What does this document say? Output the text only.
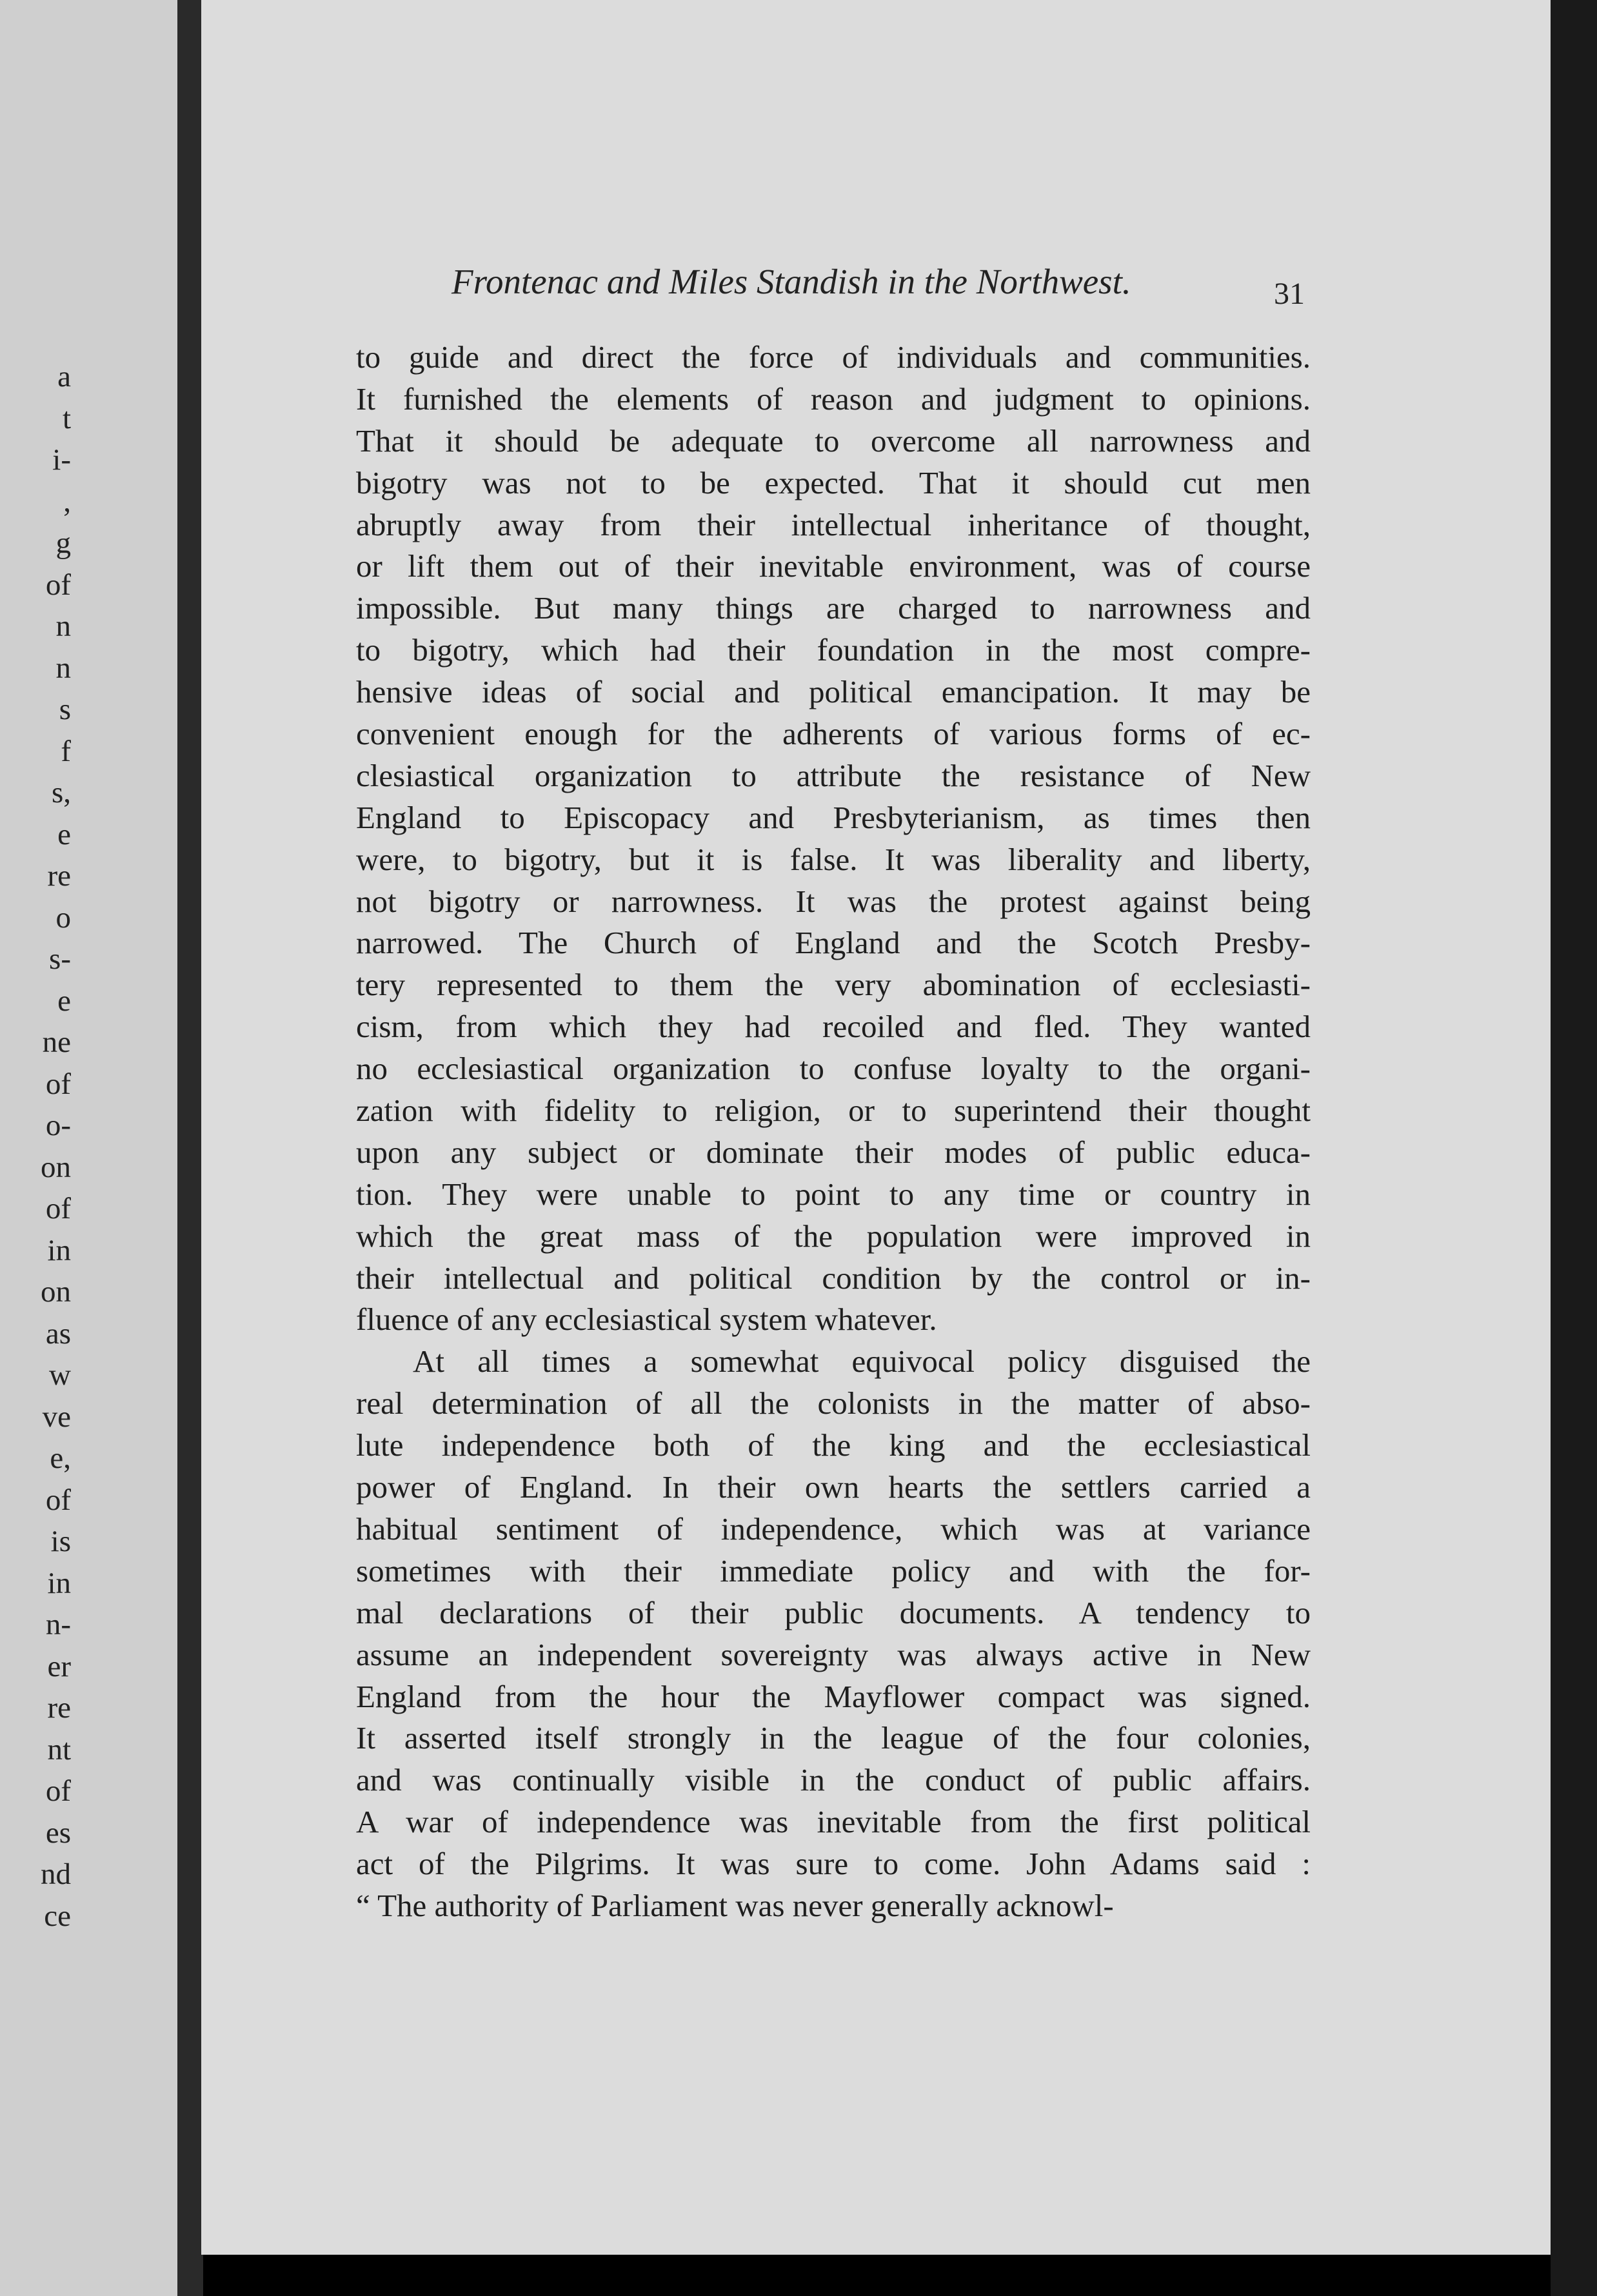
a
t
i-
,
g
of
n
n
s
f
s,
e
re
o
s-
e
ne
of
o-
on
of
in
on
as
w
ve
e,
of
is
in
n-
er
re
nt
of
es
nd
ce
Frontenac and Miles Standish in the Northwest.	31
to guide and direct the force of individuals and communities.
It furnished the elements of reason and judgment to opinions.
That it should be adequate to overcome all narrowness and
bigotry was not to be expected. That it should cut men
abruptly away from their intellectual inheritance of thought,
or lift them out of their inevitable environment, was of course
impossible. But many things are charged to narrowness and
to bigotry, which had their foundation in the most compre-
hensive ideas of social and political emancipation. It may be
convenient enough for the adherents of various forms of ec-
clesiastical organization to attribute the resistance of New
England to Episcopacy and Presbyterianism, as times then
were, to bigotry, but it is false. It was liberality and liberty,
not bigotry or narrowness. It was the protest against being
narrowed. The Church of England and the Scotch Presby-
tery represented to them the very abomination of ecclesiasti-
cism, from which they had recoiled and fled. They wanted
no ecclesiastical organization to confuse loyalty to the organi-
zation with fidelity to religion, or to superintend their thought
upon any subject or dominate their modes of public educa-
tion. They were unable to point to any time or country in
which the great mass of the population were improved in
their intellectual and political condition by the control or in-
fluence of any ecclesiastical system whatever.
At all times a somewhat equivocal policy disguised the
real determination of all the colonists in the matter of abso-
lute independence both of the king and the ecclesiastical
power of England. In their own hearts the settlers carried a
habitual sentiment of independence, which was at variance
sometimes with their immediate policy and with the for-
mal declarations of their public documents. A tendency to
assume an independent sovereignty was always active in New
England from the hour the Mayflower compact was signed.
It asserted itself strongly in the league of the four colonies,
and was continually visible in the conduct of public affairs.
A war of independence was inevitable from the first political
act of the Pilgrims. It was sure to come. John Adams said :
“ The authority of Parliament was never generally acknowl-
